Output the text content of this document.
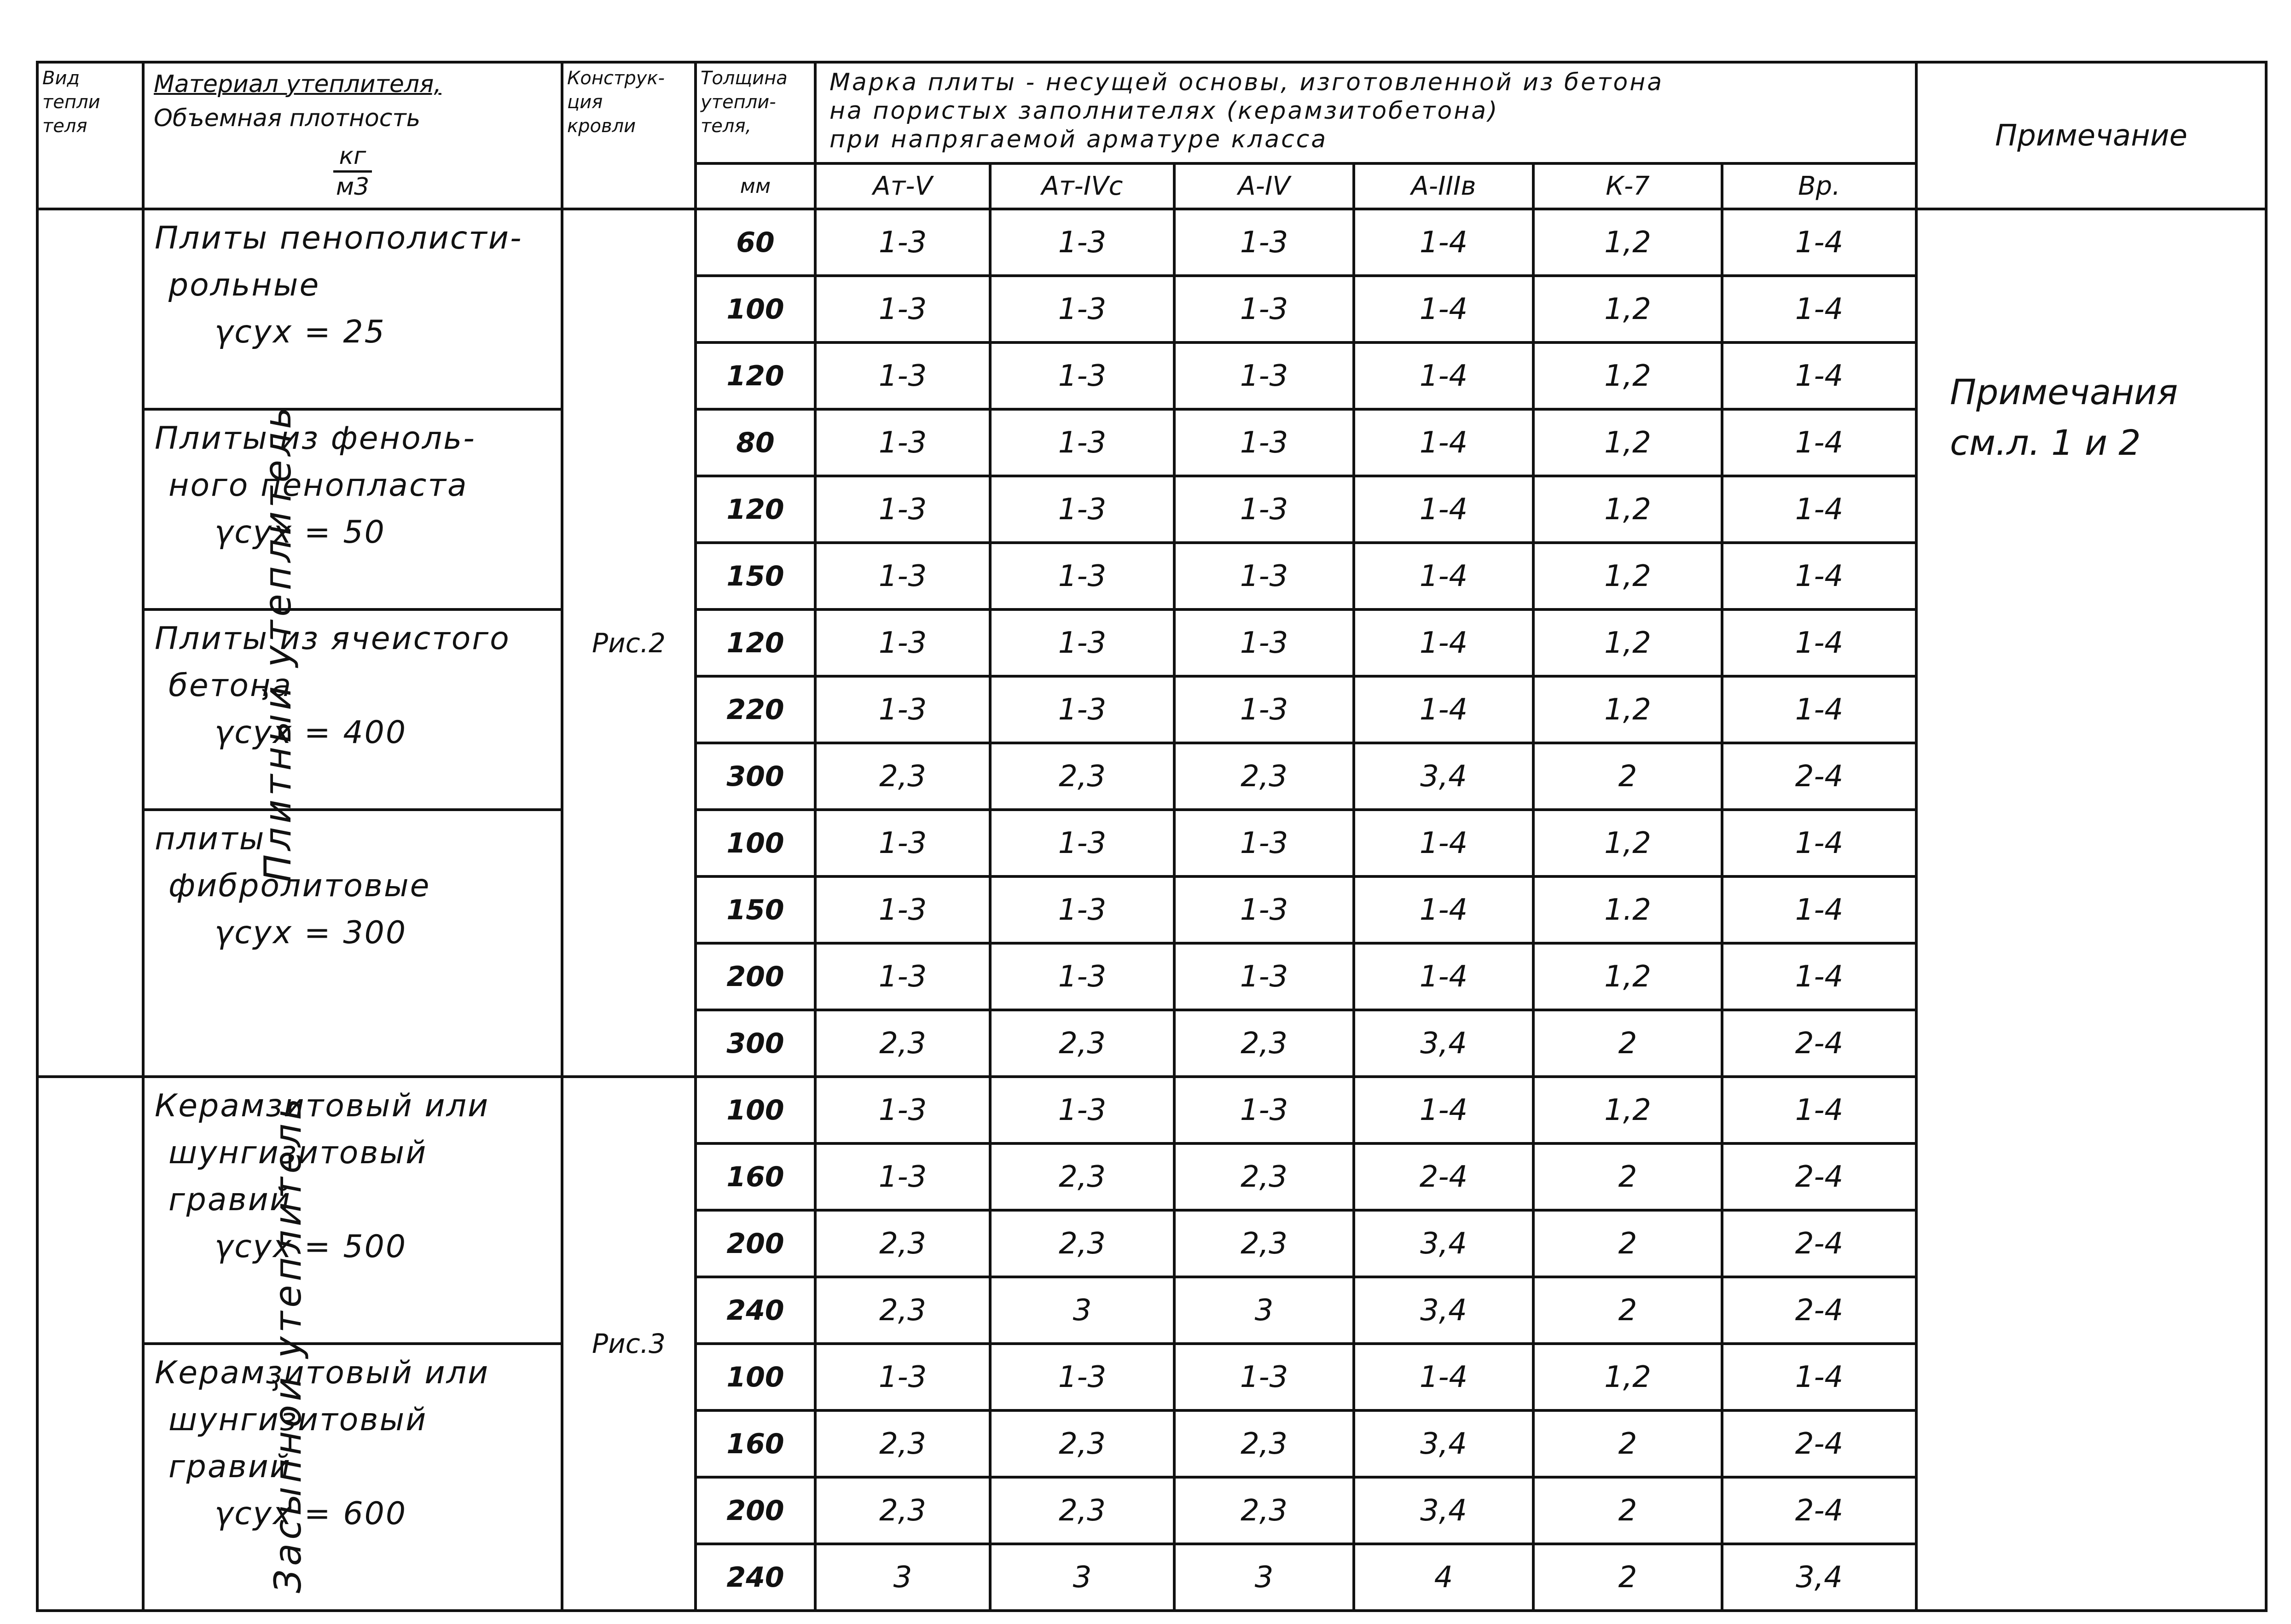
Вид
тепли
теля	Материал утеплителя,
Объемная плотность

$\frac{кг}{м3}$	Конструк-
ция
кровли	Толщина
утепли-
теля,	Марка плиты - несущей основы, изготовленной из бетона
на пористых заполнителях (керамзитобетона)
при напрягаемой арматуре класса						Примечание
			мм	Ат-V	Ат-IVс	А-IV	А-IIIв	К-7	Вр.	
Плитный утеплитель	Плиты пенополисти-
рольные
γсух = 25	Рис.2	60	1-3	1-3	1-3	1-4	1,2	1-4	Примечания
см.л. 1 и 2

			100	1-3	1-3	1-3	1-4	1,2	1-4	
			120	1-3	1-3	1-3	1-4	1,2	1-4	

	Плиты из феноль-
ного пенопласта
γсух = 50		80	1-3	1-3	1-3	1-4	1,2	1-4	
			120	1-3	1-3	1-3	1-4	1,2	1-4	
			150	1-3	1-3	1-3	1-4	1,2	1-4	

	Плиты из ячеистого
бетона
γсух = 400		120	1-3	1-3	1-3	1-4	1,2	1-4	
			220	1-3	1-3	1-3	1-4	1,2	1-4	
			300	2,3	2,3	2,3	3,4	2	2-4	

	плиты
фибролитовые
γсух = 300		100	1-3	1-3	1-3	1-4	1,2	1-4	
			150	1-3	1-3	1-3	1-4	1.2	1-4	
			200	1-3	1-3	1-3	1-4	1,2	1-4	
			300	2,3	2,3	2,3	3,4	2	2-4	
Засыпной утеплитель	Керамзитовый или
шунгизитовый
гравий
γсух = 500	Рис.3	100	1-3	1-3	1-3	1-4	1,2	1-4	
			160	1-3	2,3	2,3	2-4	2	2-4	
			200	2,3	2,3	2,3	3,4	2	2-4	
			240	2,3	3	3	3,4	2	2-4	

	Керамзитовый или
шунгизитовый
гравий
γсух = 600		100	1-3	1-3	1-3	1-4	1,2	1-4	
			160	2,3	2,3	2,3	3,4	2	2-4	
			200	2,3	2,3	2,3	3,4	2	2-4	
			240	3	3	3	4	2	3,4	
